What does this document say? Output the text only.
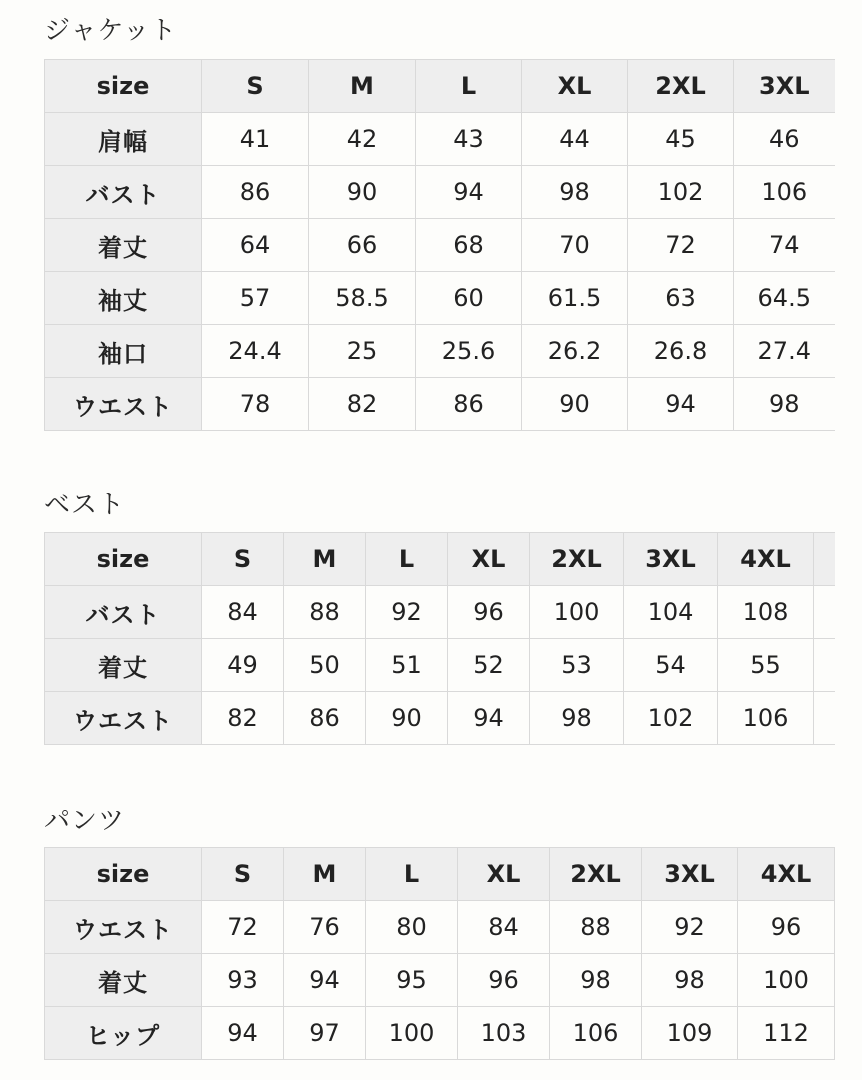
ジャケット
size	S	M	L	XL	2XL	3XL
肩幅	41	42	43	44	45	46
バスト	86	90	94	98	102	106
着丈	64	66	68	70	72	74
袖丈	57	58.5	60	61.5	63	64.5
袖口	24.4	25	25.6	26.2	26.8	27.4
ウエスト	78	82	86	90	94	98
ベスト
size	S	M	L	XL	2XL	3XL	4XL	
バスト	84	88	92	96	100	104	108	
着丈	49	50	51	52	53	54	55	
ウエスト	82	86	90	94	98	102	106	
パンツ
size	S	M	L	XL	2XL	3XL	4XL
ウエスト	72	76	80	84	88	92	96
着丈	93	94	95	96	98	98	100
ヒップ	94	97	100	103	106	109	112
